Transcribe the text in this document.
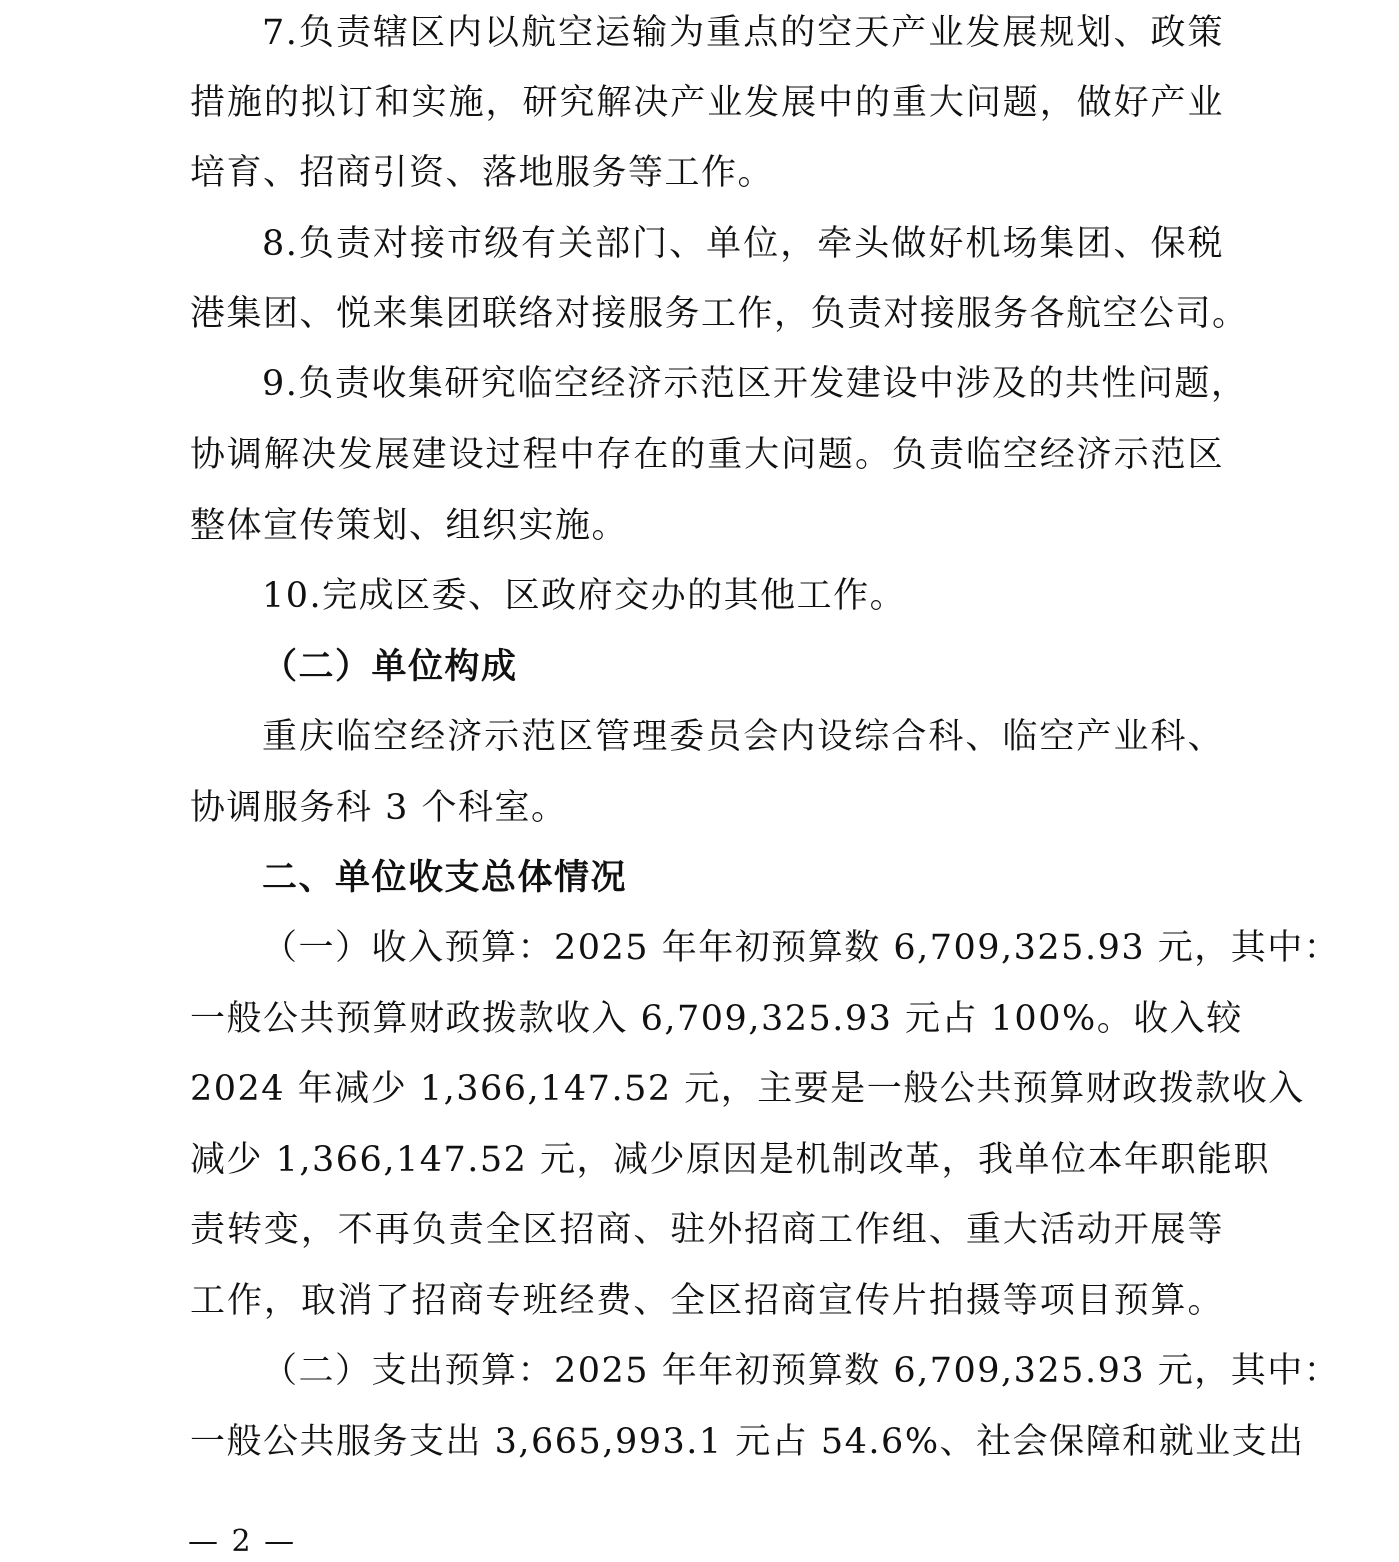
7.负责辖区内以航空运输为重点的空天产业发展规划、政策
措施的拟订和实施，研究解决产业发展中的重大问题，做好产业
培育、招商引资、落地服务等工作。
8.负责对接市级有关部门、单位，牵头做好机场集团、保税
港集团、悦来集团联络对接服务工作，负责对接服务各航空公司。
9.负责收集研究临空经济示范区开发建设中涉及的共性问题，
协调解决发展建设过程中存在的重大问题。负责临空经济示范区
整体宣传策划、组织实施。
10.完成区委、区政府交办的其他工作。
（二）单位构成
重庆临空经济示范区管理委员会内设综合科、临空产业科、
协调服务科 3 个科室。
二、单位收支总体情况
（一）收入预算：2025 年年初预算数 6,709,325.93 元，其中：
一般公共预算财政拨款收入 6,709,325.93 元占 100%。收入较
2024 年减少 1,366,147.52 元，主要是一般公共预算财政拨款收入
减少 1,366,147.52 元，减少原因是机制改革，我单位本年职能职
责转变，不再负责全区招商、驻外招商工作组、重大活动开展等
工作，取消了招商专班经费、全区招商宣传片拍摄等项目预算。
（二）支出预算：2025 年年初预算数 6,709,325.93 元，其中：
一般公共服务支出 3,665,993.1 元占 54.6%、社会保障和就业支出
— 2 —
